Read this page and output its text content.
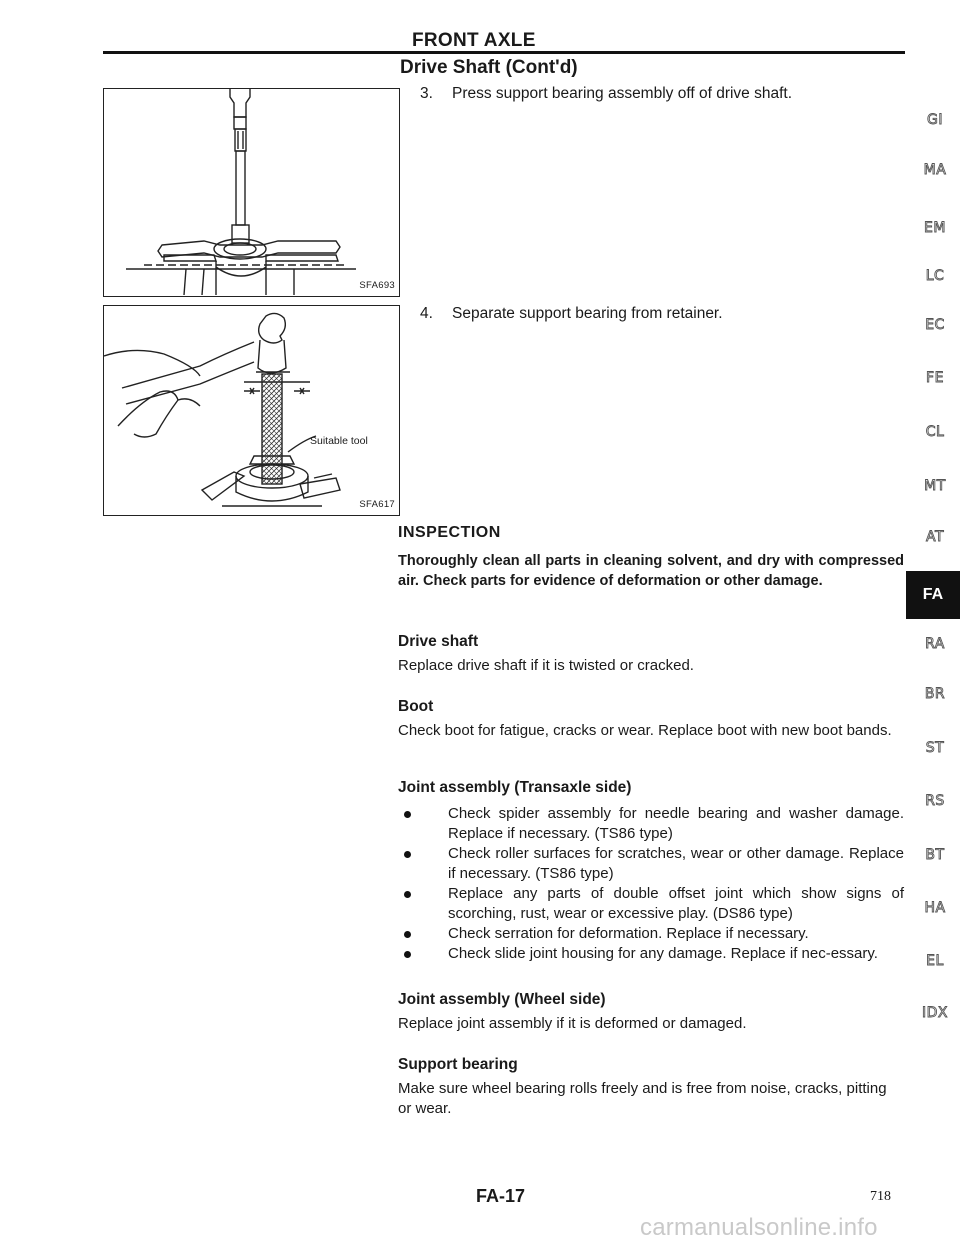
FRONT AXLE
Drive Shaft (Cont'd)
SFA693
Suitable tool
SFA617
3. Press support bearing assembly off of drive shaft.
4. Separate support bearing from retainer.
INSPECTION
Thoroughly clean all parts in cleaning solvent, and dry with compressed air. Check parts for evidence of deformation or other damage.
Drive shaft
Replace drive shaft if it is twisted or cracked.
Boot
Check boot for fatigue, cracks or wear. Replace boot with new boot bands.
Joint assembly (Transaxle side)
Check spider assembly for needle bearing and washer damage. Replace if necessary. (TS86 type)
Check roller surfaces for scratches, wear or other damage. Replace if necessary. (TS86 type)
Replace any parts of double offset joint which show signs of scorching, rust, wear or excessive play. (DS86 type)
Check serration for deformation. Replace if necessary.
Check slide joint housing for any damage. Replace if nec-essary.
Joint assembly (Wheel side)
Replace joint assembly if it is deformed or damaged.
Support bearing
Make sure wheel bearing rolls freely and is free from noise, cracks, pitting or wear.
GI
MA
EM
LC
EC
FE
CL
MT
AT
FA
RA
BR
ST
RS
BT
HA
EL
IDX
FA-17	718
carmanualsonline.info
